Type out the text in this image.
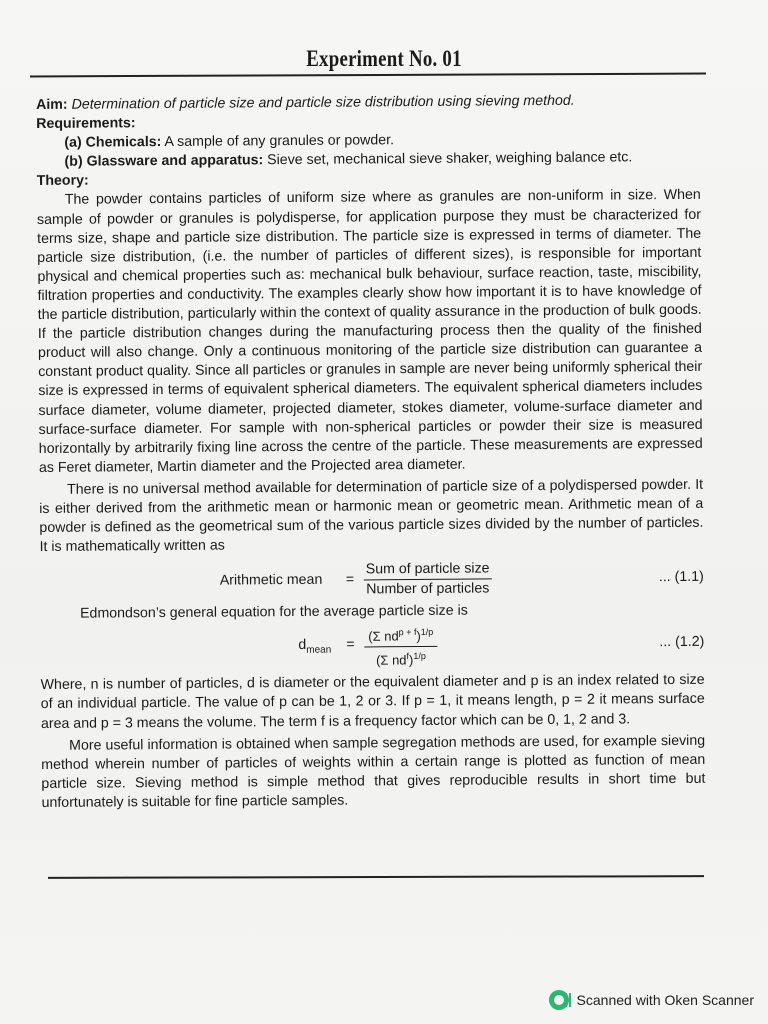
Experiment No. 01

Aim: Determination of particle size and particle size distribution using sieving method.

Requirements:

(a) Chemicals: A sample of any granules or powder.

(b) Glassware and apparatus: Sieve set, mechanical sieve shaker, weighing balance etc.

Theory:

The powder contains particles of uniform size where as granules are non-uniform in size. When sample of powder or granules is polydisperse, for application purpose they must be characterized for terms size, shape and particle size distribution. The particle size is expressed in terms of diameter. The particle size distribution, (i.e. the number of particles of different sizes), is responsible for important physical and chemical properties such as: mechanical bulk behaviour, surface reaction, taste, miscibility, filtration properties and conductivity. The examples clearly show how important it is to have knowledge of the particle distribution, particularly within the context of quality assurance in the production of bulk goods. If the particle distribution changes during the manufacturing process then the quality of the finished product will also change. Only a continuous monitoring of the particle size distribution can guarantee a constant product quality. Since all particles or granules in sample are never being uniformly spherical their size is expressed in terms of equivalent spherical diameters. The equivalent spherical diameters includes surface diameter, volume diameter, projected diameter, stokes diameter, volume-surface diameter and surface-surface diameter. For sample with non-spherical particles or powder their size is measured horizontally by arbitrarily fixing line across the centre of the particle. These measurements are expressed as Feret diameter, Martin diameter and the Projected area diameter.

There is no universal method available for determination of particle size of a polydispersed powder. It is either derived from the arithmetic mean or harmonic mean or geometric mean. Arithmetic mean of a powder is defined as the geometrical sum of the various particle sizes divided by the number of particles. It is mathematically written as

Arithmetic mean =
Sum of particle size
Number of particles
... (1.1)

Edmondson’s general equation for the average particle size is

$d_{mean}$ =
(Σ $nd^{p + f})^{1/p}$
(Σ $nd^f)^{1/p}$
... (1.2)

Where, n is number of particles, d is diameter or the equivalent diameter and p is an index related to size of an individual particle. The value of p can be 1, 2 or 3. If p = 1, it means length, p = 2 it means surface area and p = 3 means the volume. The term f is a frequency factor which can be 0, 1, 2 and 3.

More useful information is obtained when sample segregation methods are used, for example sieving method wherein number of particles of weights within a certain range is plotted as function of mean particle size. Sieving method is simple method that gives reproducible results in short time but unfortunately is suitable for fine particle samples.

Scanned with Oken Scanner
